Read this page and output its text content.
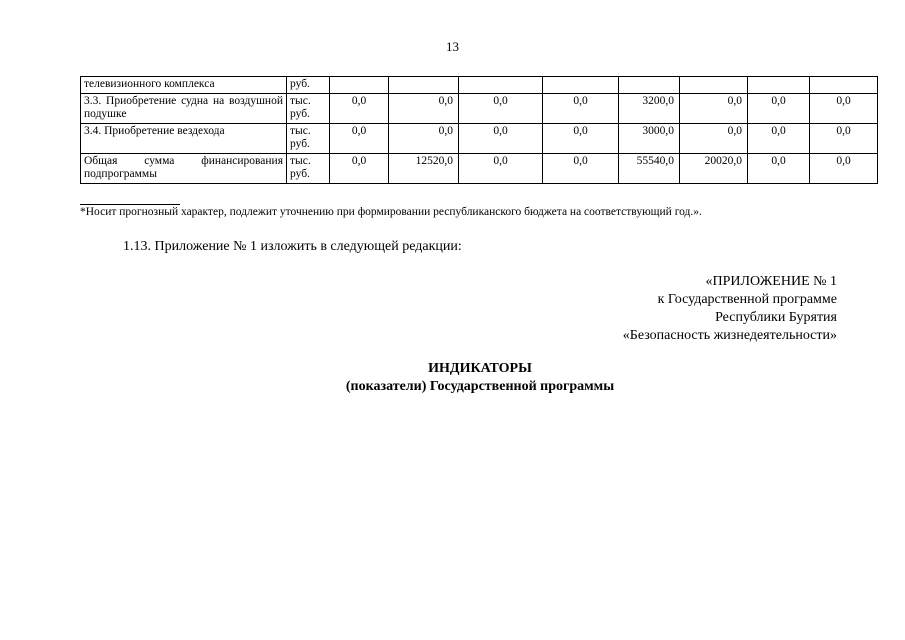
13
телевизионного комплекса	руб.								
3.3. Приобретение судна на воздушной подушке	тыс. руб.	0,0	0,0	0,0	0,0	3200,0	0,0	0,0	0,0
3.4. Приобретение вездехода	тыс. руб.	0,0	0,0	0,0	0,0	3000,0	0,0	0,0	0,0
Общая сумма финансирования подпрограммы	тыс. руб.	0,0	12520,0	0,0	0,0	55540,0	20020,0	0,0	0,0
*Носит прогнозный характер, подлежит уточнению при формировании республиканского бюджета на соответствующий год.».
1.13. Приложение № 1 изложить в следующей редакции:
«ПРИЛОЖЕНИЕ № 1
к Государственной программе
Республики Бурятия
«Безопасность жизнедеятельности»
ИНДИКАТОРЫ
(показатели) Государственной программы
